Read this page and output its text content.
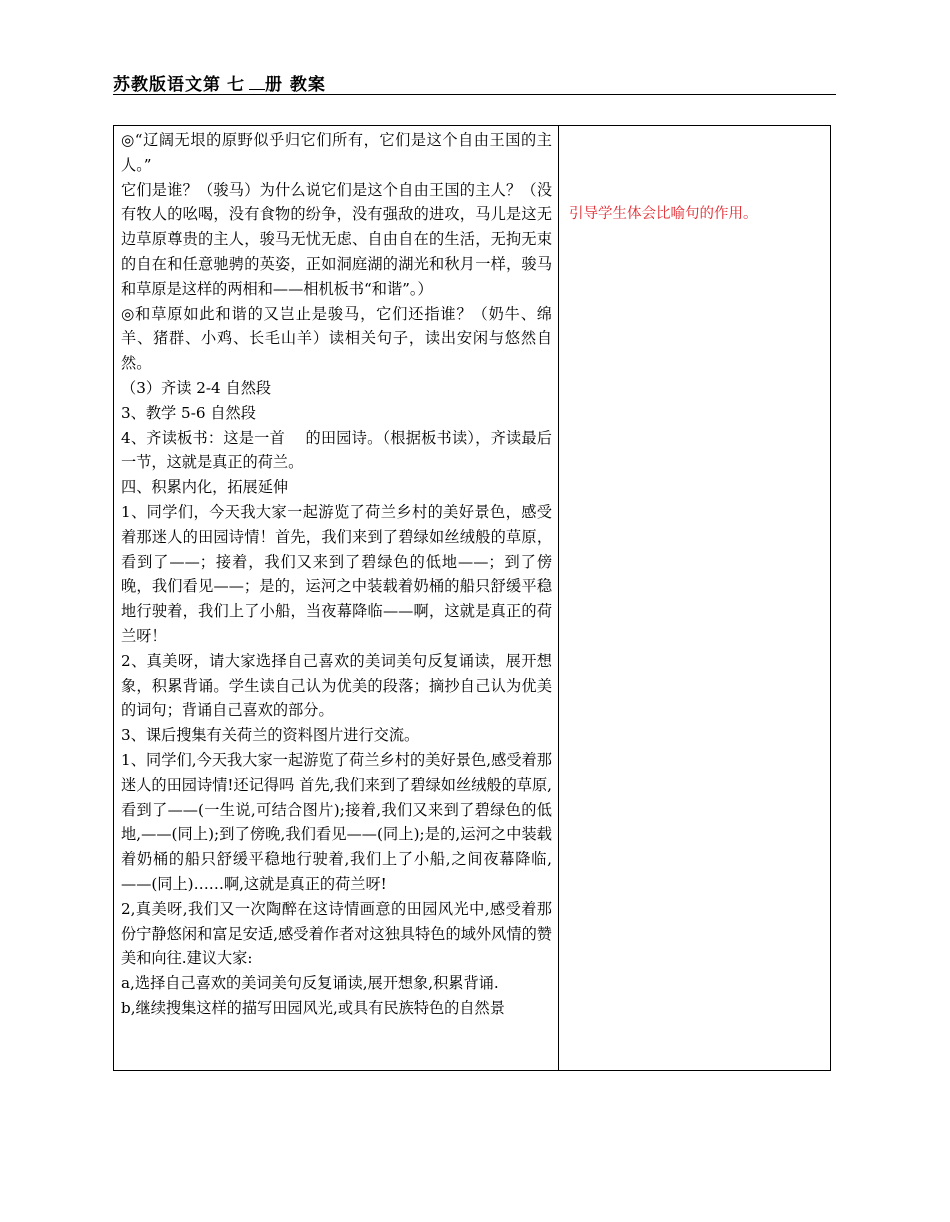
苏教版语文第 七 册 教案

◎“辽阔无垠的原野似乎归它们所有，它们是这个自由王国的主人。”

它们是谁？（骏马）为什么说它们是这个自由王国的主人？（没有牧人的吆喝，没有食物的纷争，没有强敌的进攻，马儿是这无边草原尊贵的主人，骏马无忧无虑、自由自在的生活，无拘无束的自在和任意驰骋的英姿，正如洞庭湖的湖光和秋月一样，骏马和草原是这样的两相和——相机板书“和谐”。）

◎和草原如此和谐的又岂止是骏马，它们还指谁？（奶牛、绵羊、猪群、小鸡、长毛山羊）读相关句子，读出安闲与悠然自然。

（3）齐读 2-4 自然段

3、教学 5-6 自然段

4、齐读板书：这是一首　 的田园诗。（根据板书读），齐读最后一节，这就是真正的荷兰。

四、积累内化，拓展延伸

1、同学们，今天我大家一起游览了荷兰乡村的美好景色，感受着那迷人的田园诗情！首先，我们来到了碧绿如丝绒般的草原，看到了——；接着，我们又来到了碧绿色的低地——；到了傍晚，我们看见——；是的，运河之中装载着奶桶的船只舒缓平稳地行驶着，我们上了小船，当夜幕降临——啊，这就是真正的荷兰呀！

2、真美呀，请大家选择自己喜欢的美词美句反复诵读，展开想象，积累背诵。学生读自己认为优美的段落；摘抄自己认为优美的词句；背诵自己喜欢的部分。

3、课后搜集有关荷兰的资料图片进行交流。

1、同学们,今天我大家一起游览了荷兰乡村的美好景色,感受着那迷人的田园诗情!还记得吗 首先,我们来到了碧绿如丝绒般的草原,看到了——(一生说,可结合图片);接着,我们又来到了碧绿色的低地,——(同上);到了傍晚,我们看见——(同上);是的,运河之中装载着奶桶的船只舒缓平稳地行驶着,我们上了小船,之间夜幕降临,——(同上)……啊,这就是真正的荷兰呀!

2,真美呀,我们又一次陶醉在这诗情画意的田园风光中,感受着那份宁静悠闲和富足安适,感受着作者对这独具特色的域外风情的赞美和向往.建议大家:

a,选择自己喜欢的美词美句反复诵读,展开想象,积累背诵.

b,继续搜集这样的描写田园风光,或具有民族特色的自然景

引导学生体会比喻句的作用。
